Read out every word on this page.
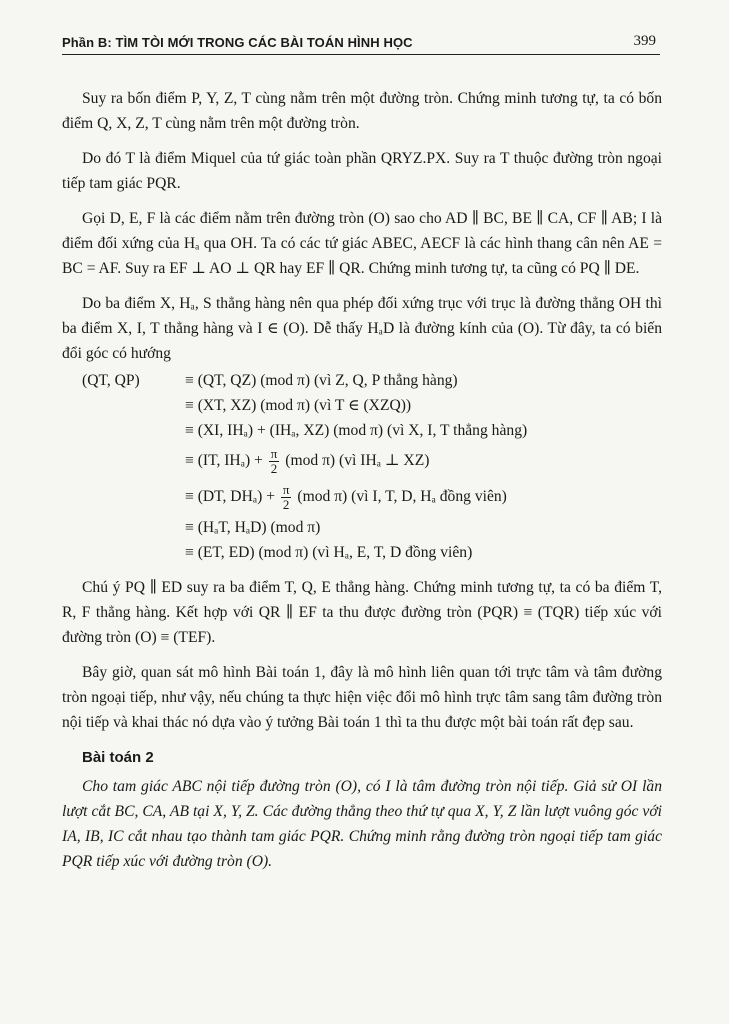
Phần B: TÌM TÒI MỚI TRONG CÁC BÀI TOÁN HÌNH HỌC	399

Suy ra bốn điểm P, Y, Z, T cùng nằm trên một đường tròn. Chứng minh tương tự, ta có bốn điểm Q, X, Z, T cùng nằm trên một đường tròn.

Do đó T là điểm Miquel của tứ giác toàn phần QRYZ.PX. Suy ra T thuộc đường tròn ngoại tiếp tam giác PQR.

Gọi D, E, F là các điểm nằm trên đường tròn (O) sao cho AD ∥ BC, BE ∥ CA, CF ∥ AB; I là điểm đối xứng của Hₐ qua OH. Ta có các tứ giác ABEC, AECF là các hình thang cân nên AE = BC = AF. Suy ra EF ⊥ AO ⊥ QR hay EF ∥ QR. Chứng minh tương tự, ta cũng có PQ ∥ DE.

Do ba điểm X, Hₐ, S thẳng hàng nên qua phép đối xứng trục với trục là đường thẳng OH thì ba điểm X, I, T thẳng hàng và I ∈ (O). Dễ thấy HₐD là đường kính của (O). Từ đây, ta có biến đổi góc có hướng

(QT, QP)	≡ (QT, QZ) (mod π) (vì Z, Q, P thẳng hàng)
≡ (XT, XZ) (mod π) (vì T ∈ (XZQ))
≡ (XI, IHₐ) + (IHₐ, XZ) (mod π) (vì X, I, T thẳng hàng)
≡ (IT, $IH_a) + \frac{\pi}{2} (mod$ π) (vì IHₐ ⊥ XZ)
≡ (DT, $DH_a) + \frac{\pi}{2} (mod$ π) (vì I, T, D, Hₐ đồng viên)
≡ (HₐT, HₐD) (mod π)
≡ (ET, ED) (mod π) (vì Hₐ, E, T, D đồng viên)

Chú ý PQ ∥ ED suy ra ba điểm T, Q, E thẳng hàng. Chứng minh tương tự, ta có ba điểm T, R, F thẳng hàng. Kết hợp với QR ∥ EF ta thu được đường tròn (PQR) ≡ (TQR) tiếp xúc với đường tròn (O) ≡ (TEF).

Bây giờ, quan sát mô hình Bài toán 1, đây là mô hình liên quan tới trực tâm và tâm đường tròn ngoại tiếp, như vậy, nếu chúng ta thực hiện việc đổi mô hình trực tâm sang tâm đường tròn nội tiếp và khai thác nó dựa vào ý tưởng Bài toán 1 thì ta thu được một bài toán rất đẹp sau.

Bài toán 2

Cho tam giác ABC nội tiếp đường tròn (O), có I là tâm đường tròn nội tiếp. Giả sử OI lần lượt cắt BC, CA, AB tại X, Y, Z. Các đường thẳng theo thứ tự qua X, Y, Z lần lượt vuông góc với IA, IB, IC cắt nhau tạo thành tam giác PQR. Chứng minh rằng đường tròn ngoại tiếp tam giác PQR tiếp xúc với đường tròn (O).
